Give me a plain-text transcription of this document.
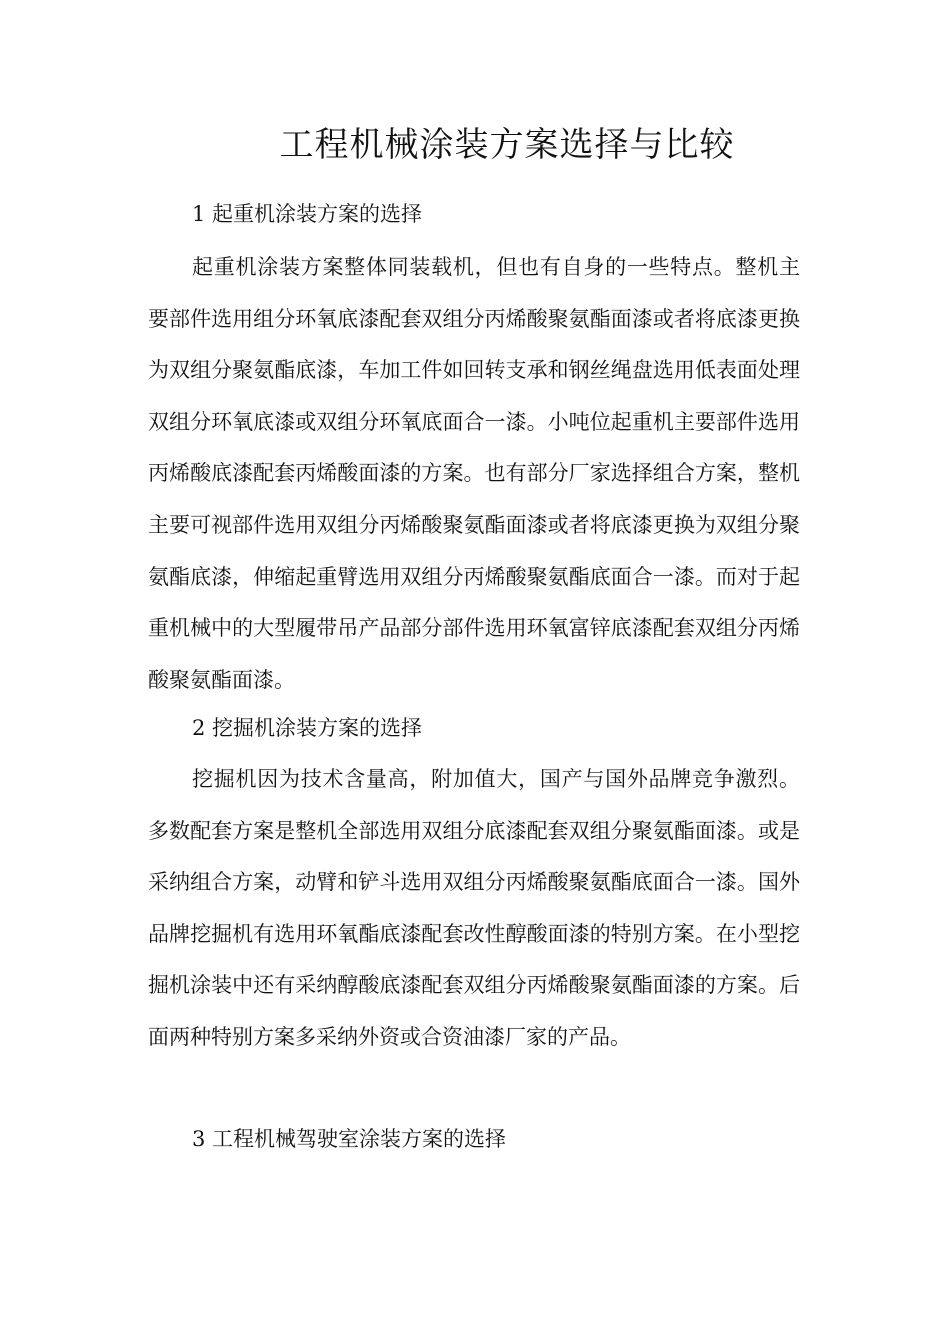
工程机械涂装方案选择与比较
1 起重机涂装方案的选择

起重机涂装方案整体同装载机，但也有自身的一些特点。整机主要部件选用组分环氧底漆配套双组分丙烯酸聚氨酯面漆或者将底漆更换为双组分聚氨酯底漆，车加工件如回转支承和钢丝绳盘选用低表面处理双组分环氧底漆或双组分环氧底面合一漆。小吨位起重机主要部件选用丙烯酸底漆配套丙烯酸面漆的方案。也有部分厂家选择组合方案，整机主要可视部件选用双组分丙烯酸聚氨酯面漆或者将底漆更换为双组分聚氨酯底漆，伸缩起重臂选用双组分丙烯酸聚氨酯底面合一漆。而对于起重机械中的大型履带吊产品部分部件选用环氧富锌底漆配套双组分丙烯酸聚氨酯面漆。

2 挖掘机涂装方案的选择

挖掘机因为技术含量高，附加值大，国产与国外品牌竞争激烈。多数配套方案是整机全部选用双组分底漆配套双组分聚氨酯面漆。或是采纳组合方案，动臂和铲斗选用双组分丙烯酸聚氨酯底面合一漆。国外品牌挖掘机有选用环氧酯底漆配套改性醇酸面漆的特别方案。在小型挖掘机涂装中还有采纳醇酸底漆配套双组分丙烯酸聚氨酯面漆的方案。后面两种特别方案多采纳外资或合资油漆厂家的产品。

3 工程机械驾驶室涂装方案的选择
